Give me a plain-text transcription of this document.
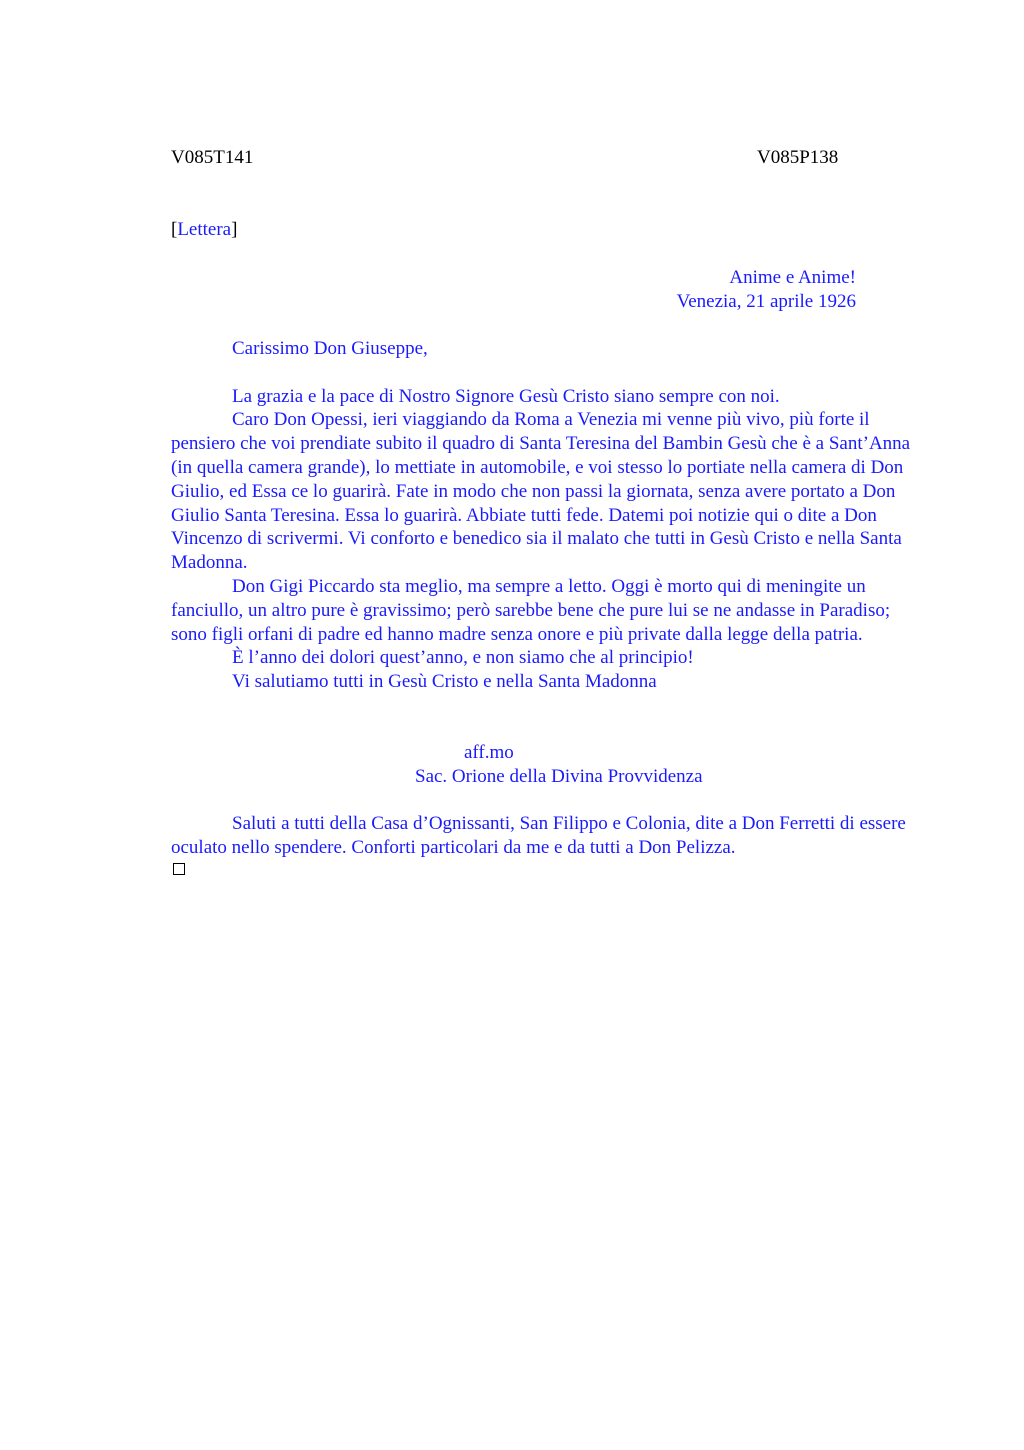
V085T141	V085P138
[Lettera]
Anime e Anime!
Venezia, 21 aprile 1926

Carissimo Don Giuseppe,

La grazia e la pace di Nostro Signore Gesù Cristo siano sempre con noi.

Caro Don Opessi, ieri viaggiando da Roma a Venezia mi venne più vivo, più forte il pensiero che voi prendiate subito il quadro di Santa Teresina del Bambin Gesù che è a Sant’Anna (in quella camera grande), lo mettiate in automobile, e voi stesso lo portiate nella camera di Don Giulio, ed Essa ce lo guarirà. Fate in modo che non passi la giornata, senza avere portato a Don Giulio Santa Teresina. Essa lo guarirà. Abbiate tutti fede. Datemi poi notizie qui o dite a Don Vincenzo di scrivermi. Vi conforto e benedico sia il malato che tutti in Gesù Cristo e nella Santa Madonna.

Don Gigi Piccardo sta meglio, ma sempre a letto. Oggi è morto qui di meningite un fanciullo, un altro pure è gravissimo; però sarebbe bene che pure lui se ne andasse in Paradiso; sono figli orfani di padre ed hanno madre senza onore e più private dalla legge della patria.

È l’anno dei dolori quest’anno, e non siamo che al principio!

Vi salutiamo tutti in Gesù Cristo e nella Santa Madonna

aff.mo
Sac. Orione della Divina Provvidenza

Saluti a tutti della Casa d’Ognissanti, San Filippo e Colonia, dite a Don Ferretti di essere oculato nello spendere. Conforti particolari da me e da tutti a Don Pelizza.
